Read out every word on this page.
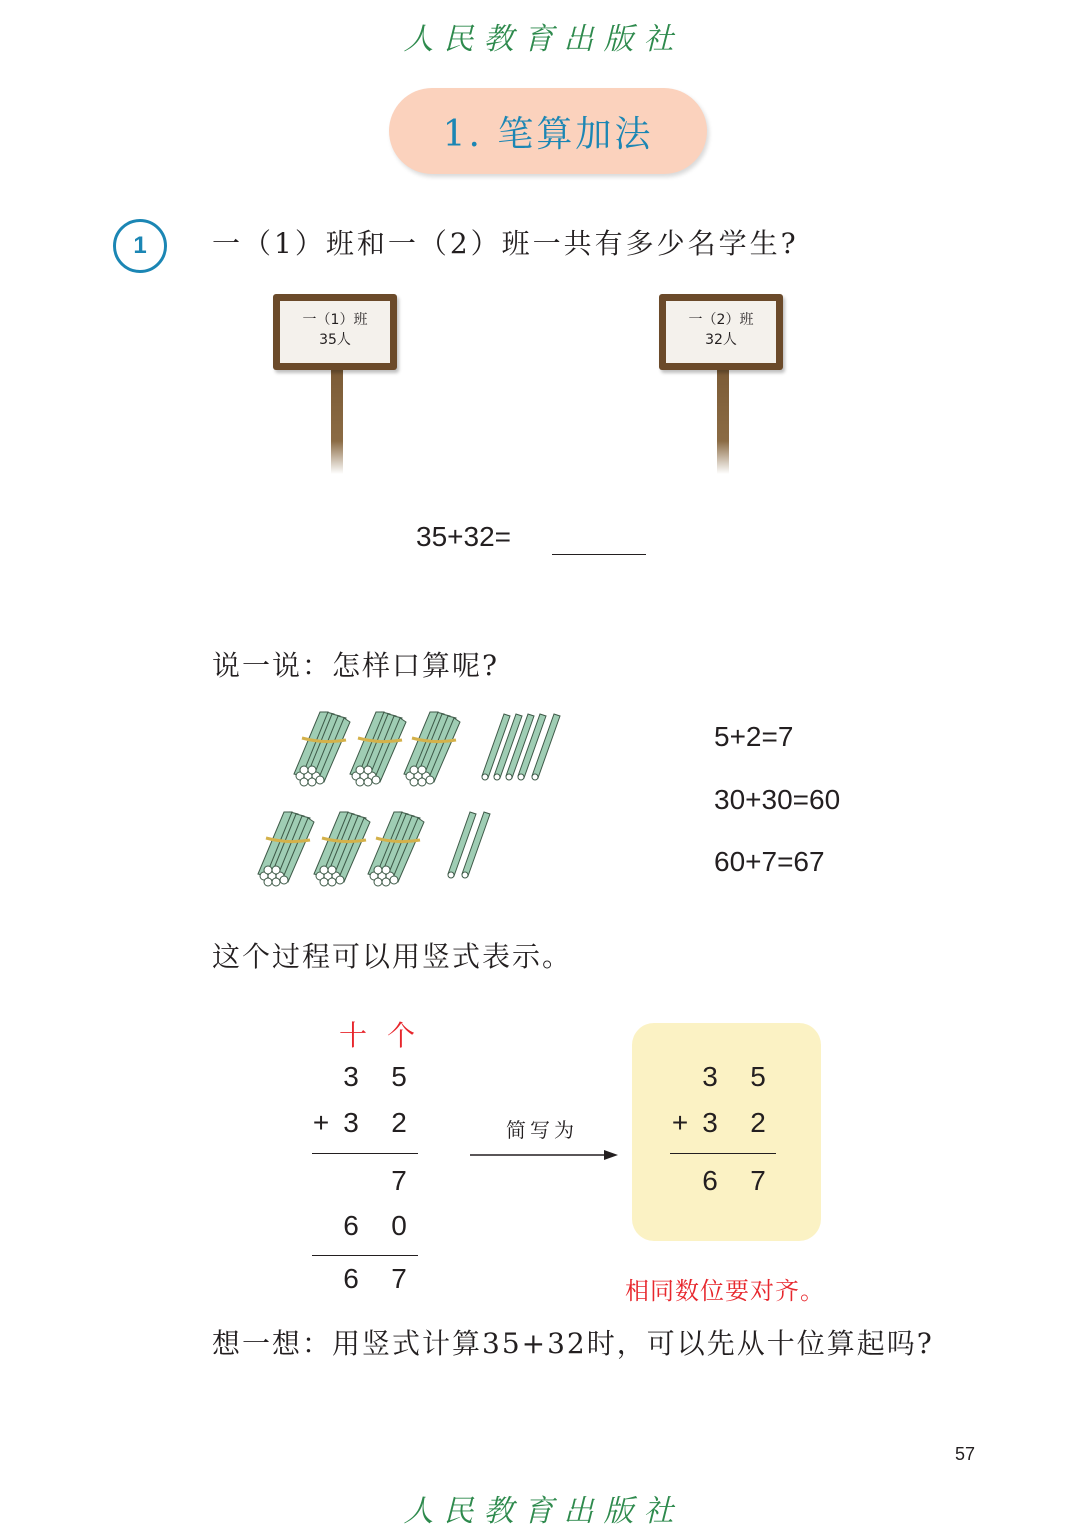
人民教育出版社
1. 笔算加法
1	一（1）班和一（2）班一共有多少名学生?
一（1）班
35人
一（2）班
32人
35+32=
说一说：怎样口算呢?
5+2=7
30+30=60
60+7=67
这个过程可以用竖式表示。
十 个
3 5
+ 3 2
7
6 0
6 7
简写为
3 5
+ 3 2
6 7
相同数位要对齐。
想一想：用竖式计算35+32时，可以先从十位算起吗?
57
人民教育出版社
